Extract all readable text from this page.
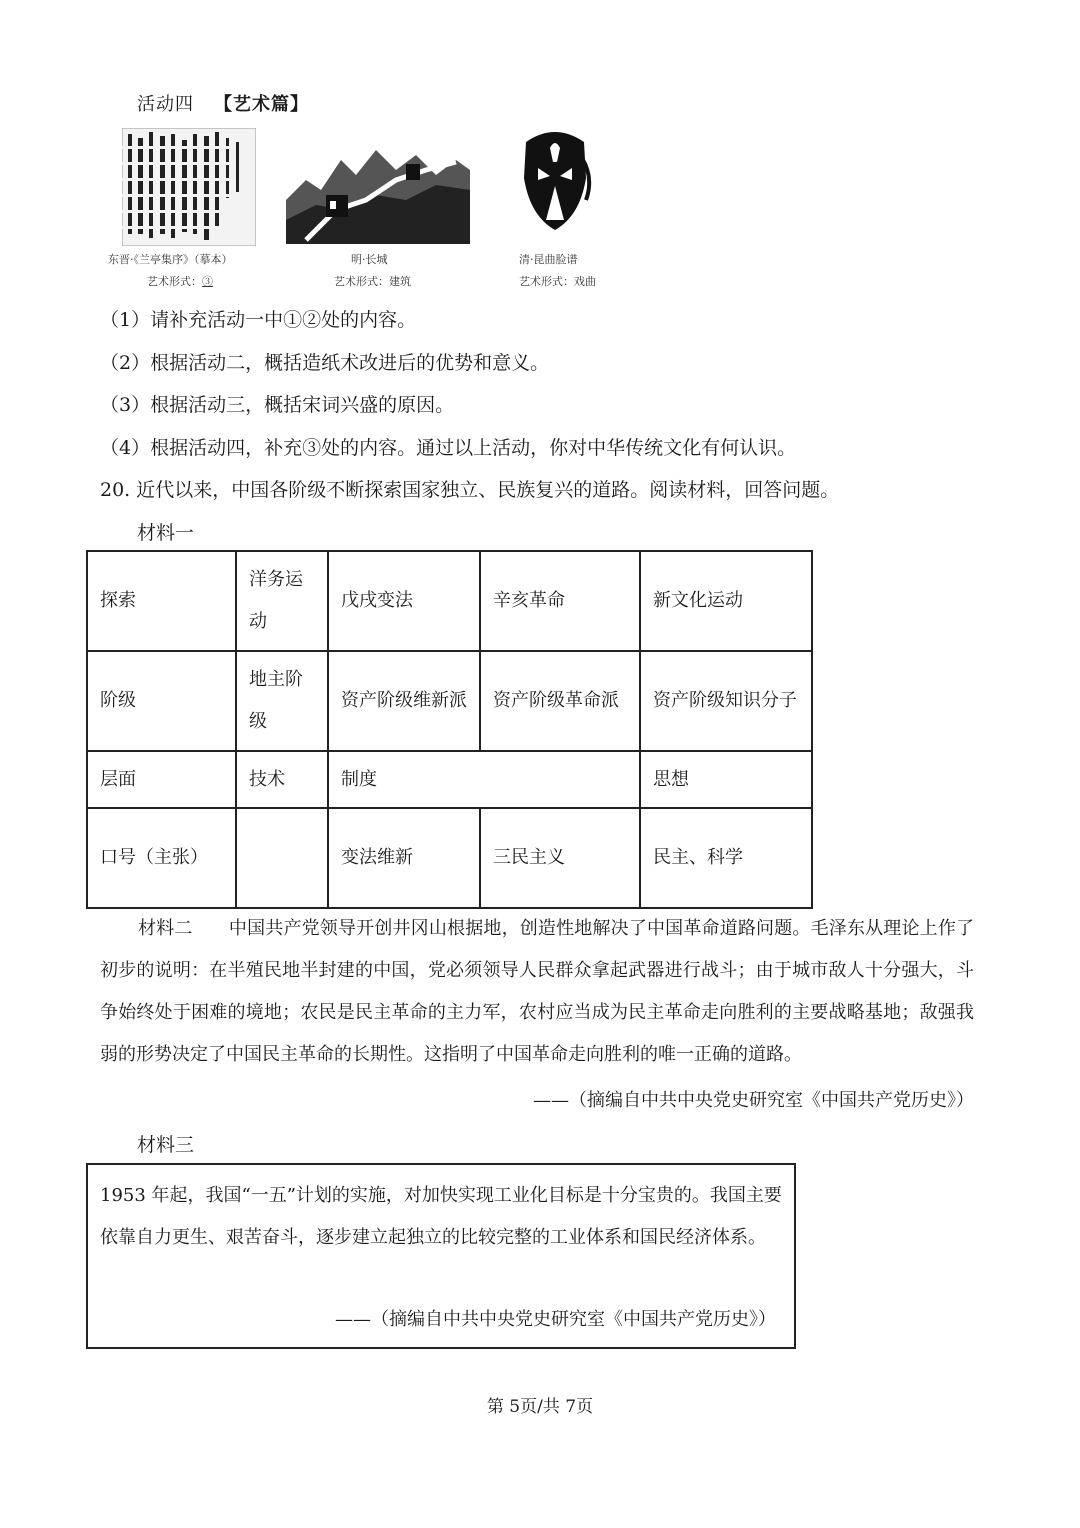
活动四 【艺术篇】
东晋·《兰亭集序》（摹本）
艺术形式：③
明·长城
艺术形式：建筑
清·昆曲脸谱
艺术形式：戏曲
（1）请补充活动一中①②处的内容。
（2）根据活动二，概括造纸术改进后的优势和意义。
（3）根据活动三，概括宋词兴盛的原因。
（4）根据活动四，补充③处的内容。通过以上活动，你对中华传统文化有何认识。
20. 近代以来，中国各阶级不断探索国家独立、民族复兴的道路。阅读材料，回答问题。
材料一
探索	洋务运动	戊戌变法	辛亥革命	新文化运动
阶级	地主阶级	资产阶级维新派	资产阶级革命派	资产阶级知识分子
层面	技术	制度		思想
口号（主张）		变法维新	三民主义	民主、科学
材料二　　 中国共产党领导开创井冈山根据地，创造性地解决了中国革命道路问题。毛泽东从理论上作了初步的说明：在半殖民地半封建的中国，党必须领导人民群众拿起武器进行战斗；由于城市敌人十分强大，斗争始终处于困难的境地；农民是民主革命的主力军，农村应当成为民主革命走向胜利的主要战略基地；敌强我弱的形势决定了中国民主革命的长期性。这指明了中国革命走向胜利的唯一正确的道路。
——（摘编自中共中央党史研究室《中国共产党历史》）
材料三
1953 年起，我国“一五”计划的实施，对加快实现工业化目标是十分宝贵的。我国主要依靠自力更生、艰苦奋斗，逐步建立起独立的比较完整的工业体系和国民经济体系。
——（摘编自中共中央党史研究室《中国共产党历史》）
第 5页/共 7页
